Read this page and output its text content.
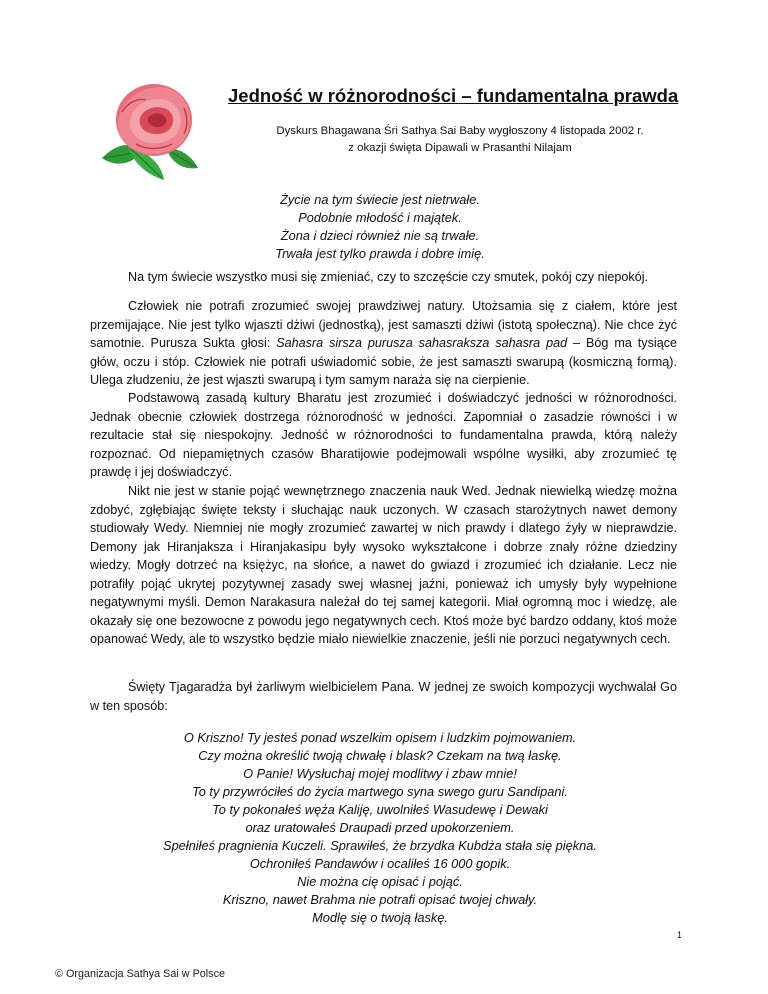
Jedność w różnorodności – fundamentalna prawda
Dyskurs Bhagawana Śri Sathya Sai Baby wygłoszony 4 listopada 2002 r.
z okazji święta Dipawali w Prasanthi Nilajam
Życie na tym świecie jest nietrwałe.
Podobnie młodość i majątek.
Żona i dzieci również nie są trwałe.
Trwała jest tylko prawda i dobre imię.

Na tym świecie wszystko musi się zmieniać, czy to szczęście czy smutek, pokój czy niepokój.

Człowiek nie potrafi zrozumieć swojej prawdziwej natury. Utożsamia się z ciałem, które jest przemijające. Nie jest tylko wjaszti dżiwi (jednostką), jest samaszti dżiwi (istotą społeczną). Nie chce żyć samotnie. Purusza Sukta głosi: Sahasra sirsza purusza sahasraksza sahasra pad – Bóg ma tysiące głów, oczu i stóp. Człowiek nie potrafi uświadomić sobie, że jest samaszti swarupą (kosmiczną formą). Ulega złudzeniu, że jest wjaszti swarupą i tym samym naraża się na cierpienie.

Podstawową zasadą kultury Bharatu jest zrozumieć i doświadczyć jedności w różnorodności. Jednak obecnie człowiek dostrzega różnorodność w jedności. Zapomniał o zasadzie równości i w rezultacie stał się niespokojny. Jedność w różnorodności to fundamentalna prawda, którą należy rozpoznać. Od niepamiętnych czasów Bharatijowie podejmowali wspólne wysiłki, aby zrozumieć tę prawdę i jej doświadczyć.

Nikt nie jest w stanie pojąć wewnętrznego znaczenia nauk Wed. Jednak niewielką wiedzę można zdobyć, zgłębiając święte teksty i słuchając nauk uczonych. W czasach starożytnych nawet demony studiowały Wedy. Niemniej nie mogły zrozumieć zawartej w nich prawdy i dlatego żyły w nieprawdzie. Demony jak Hiranjaksza i Hiranjakasipu były wysoko wykształcone i dobrze znały różne dziedziny wiedzy. Mogły dotrzeć na księżyc, na słońce, a nawet do gwiazd i zrozumieć ich działanie. Lecz nie potrafiły pojąć ukrytej pozytywnej zasady swej własnej jaźni, ponieważ ich umysły były wypełnione negatywnymi myśli. Demon Narakasura należał do tej samej kategorii. Miał ogromną moc i wiedzę, ale okazały się one bezowocne z powodu jego negatywnych cech. Ktoś może być bardzo oddany, ktoś może opanować Wedy, ale to wszystko będzie miało niewielkie znaczenie, jeśli nie porzuci negatywnych cech.

Święty Tjagaradża był żarliwym wielbicielem Pana. W jednej ze swoich kompozycji wychwalał Go w ten sposób:

O Kriszno! Ty jesteś ponad wszelkim opisem i ludzkim pojmowaniem.
Czy można określić twoją chwałę i blask? Czekam na twą łaskę.
O Panie! Wysłuchaj mojej modlitwy i zbaw mnie!
To ty przywróciłeś do życia martwego syna swego guru Sandipani.
To ty pokonałeś węża Kaliję, uwolniłeś Wasudewę i Dewaki
oraz uratowałeś Draupadi przed upokorzeniem.
Spełniłeś pragnienia Kuczeli. Sprawiłeś, że brzydka Kubdża stała się piękna.
Ochroniłeś Pandawów i ocaliłeś 16 000 gopik.
Nie można cię opisać i pojąć.
Kriszno, nawet Brahma nie potrafi opisać twojej chwały.
Modlę się o twoją łaskę.
1
© Organizacja Sathya Sai w Polsce
